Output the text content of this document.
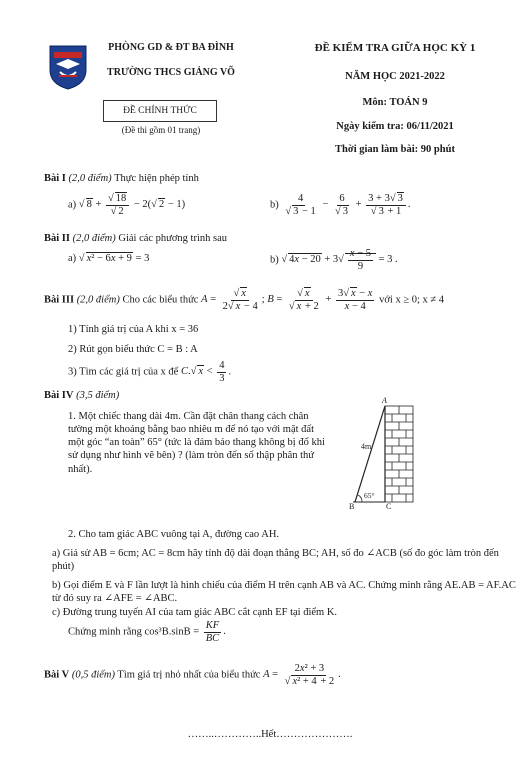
PHÒNG GD & ĐT BA ĐÌNH
TRƯỜNG THCS GIẢNG VÕ
ĐỀ CHÍNH THỨC
(Đề thi gồm 01 trang)
ĐỀ KIỂM TRA GIỮA HỌC KỲ 1
NĂM HỌC 2021-2022
Môn: TOÁN 9
Ngày kiểm tra: 06/11/2021
Thời gian làm bài: 90 phút
Bài I (2,0 điểm) Thực hiện phép tính
a) √ $8 + \frac{√ 18}{√ 2} - 2(√$ 2 − 1)	$b) \frac{4}{√ 3 - 1} - \frac{6}{√ 3} + \frac{3 + 3√ 3}{√ 3 + 1}$ .
Bài II (2,0 điểm) Giải các phương trình sau
a) √ x² − 6x + 9 = 3	b) √ $4x - 20 + 3√ \frac{x - 5}{9} = 3$ .
Bài III (2,0 điểm) Cho các biểu thức $A = \frac{√ x}{2√ x - 4}$ ; $B = \frac{√ x}{√ x + 2} + \frac{3√ x - x}{x - 4}$ với x ≥ 0; x ≠ 4
1) Tính giá trị của A khi x = 36
2) Rút gọn biểu thức C = B : A
3) Tìm các giá trị của x để C.√ $x < \frac{4}{3}$ .
Bài IV (3,5 điểm)
1. Một chiếc thang dài 4m. Cần đặt chân thang cách chân tường một khoảng bằng bao nhiêu m để nó tạo với mặt đất một góc “an toàn” 65° (tức là đảm bảo thang không bị đổ khi sử dụng như hình vẽ bên) ? (làm tròn đến số thập phân thứ nhất).
A
B	C
4m
65°
2. Cho tam giác ABC vuông tại A, đường cao AH.
a) Giả sử AB = 6cm; AC = 8cm hãy tính độ dài đoạn thẳng BC; AH, số đo ∠ACB (số đo góc làm tròn đến phút)
b) Gọi điểm E và F lần lượt là hình chiếu của điểm H trên cạnh AB và AC. Chứng minh rằng AE.AB = AF.AC từ đó suy ra ∠AFE = ∠ABC.
c) Đường trung tuyến AI của tam giác ABC cắt cạnh EF tại điểm K.
Chứng minh rằng $\cos^3B.\sin B = \frac{KF}{BC}$ .
Bài V (0,5 điểm) Tìm giá trị nhỏ nhất của biểu thức $A = \frac{\text{2x² + 3}}{\text{√ x² + 4 + 2}}$ .
……..…………..Hết………………….
